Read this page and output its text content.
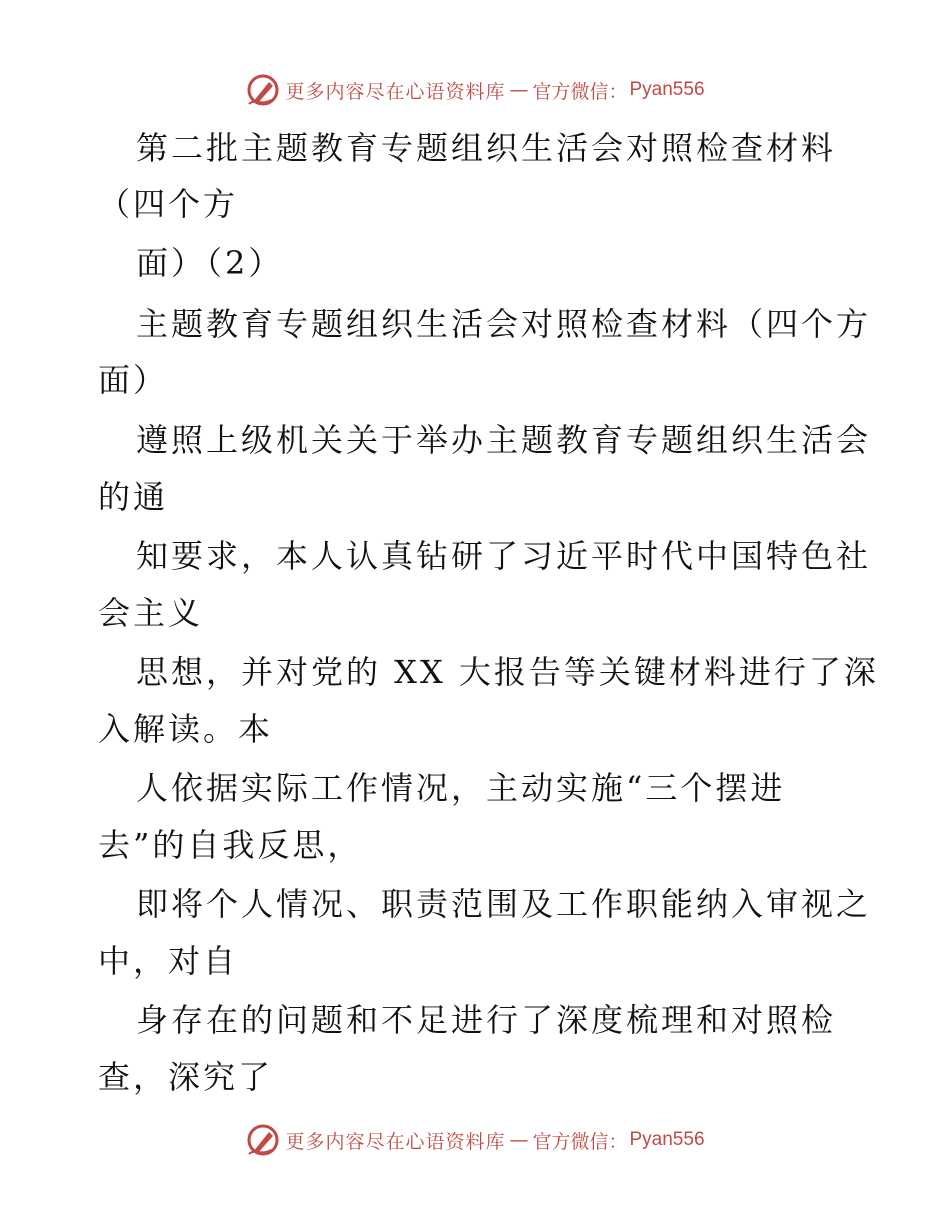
更多内容尽在心语资料库 — 官方微信： Pyan556
第二批主题教育专题组织生活会对照检查材料
（四个方
面）（2）
主题教育专题组织生活会对照检查材料（四个方
面）
遵照上级机关关于举办主题教育专题组织生活会
的通
知要求，本人认真钻研了习近平时代中国特色社
会主义
思想，并对党的 XX 大报告等关键材料进行了深
入解读。本
人依据实际工作情况，主动实施“三个摆进
去”的自我反思，
即将个人情况、职责范围及工作职能纳入审视之
中，对自
身存在的问题和不足进行了深度梳理和对照检
查，深究了
更多内容尽在心语资料库 — 官方微信： Pyan556
